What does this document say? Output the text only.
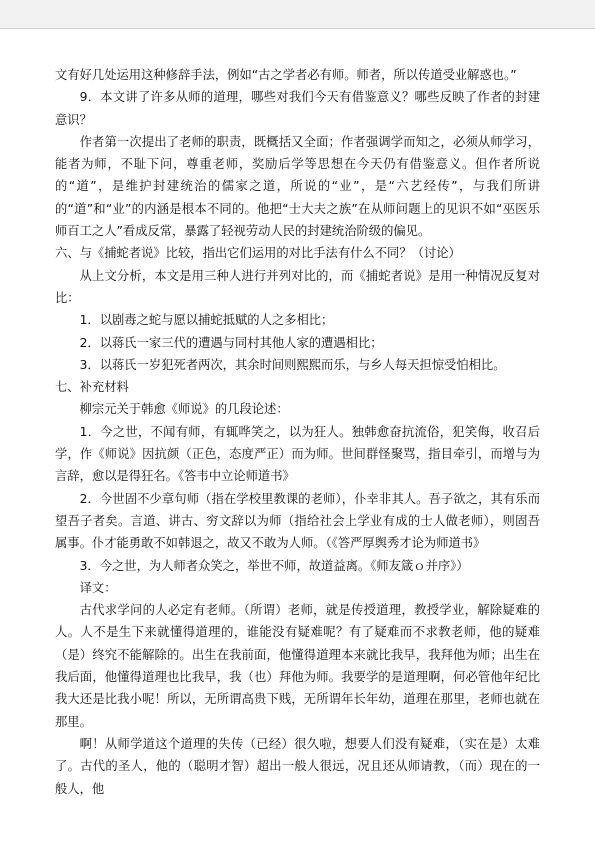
文有好几处运用这种修辞手法，例如“古之学者必有师。师者，所以传道受业解惑也。”

9．本文讲了许多从师的道理，哪些对我们今天有借鉴意义？哪些反映了作者的封建意识？

作者第一次提出了老师的职责，既概括又全面；作者强调学而知之，必须从师学习，能者为师，不耻下问，尊重老师，奖励后学等思想在今天仍有借鉴意义。但作者所说的“道”，是维护封建统治的儒家之道，所说的“业”，是“六艺经传”，与我们所讲的“道”和“业”的内涵是根本不同的。他把“士大夫之族”在从师问题上的见识不如“巫医乐师百工之人”看成反常，暴露了轻视劳动人民的封建统治阶级的偏见。

六、与《捕蛇者说》比较，指出它们运用的对比手法有什么不同？（讨论）

从上文分析，本文是用三种人进行并列对比的，而《捕蛇者说》是用一种情况反复对比：

1．以剧毒之蛇与愿以捕蛇抵赋的人之多相比；

2．以蒋氏一家三代的遭遇与同村其他人家的遭遇相比；

3．以蒋氏一岁犯死者两次，其余时间则熙熙而乐，与乡人每天担惊受怕相比。

七、补充材料

柳宗元关于韩愈《师说》的几段论述：

1．今之世，不闻有师，有辄哗笑之，以为狂人。独韩愈奋抗流俗，犯笑侮，收召后学，作《师说》因抗颜（正色，态度严正）而为师。世间群怪聚骂，指目牵引，而增与为言辞，愈以是得狂名。《答韦中立论师道书》

2．今世固不少章句师（指在学校里教课的老师），仆幸非其人。吾子欲之，其有乐而望吾子者矣。言道、讲古、穷文辞以为师（指给社会上学业有成的士人做老师），则固吾属事。仆才能勇敢不如韩退之，故又不敢为人师。（《答严厚舆秀才论为师道书》

3．今之世，为人师者众笑之，举世不师，故道益离。《师友箴ｏ并序》）

译文：

古代求学问的人必定有老师。（所谓）老师，就是传授道理，教授学业，解除疑难的人。人不是生下来就懂得道理的，谁能没有疑难呢？有了疑难而不求教老师，他的疑难（是）终究不能解除的。出生在我前面，他懂得道理本来就比我早，我拜他为师；出生在我后面，他懂得道理也比我早，我（也）拜他为师。我要学的是道理啊，何必管他年纪比我大还是比我小呢！所以，无所谓高贵下贱，无所谓年长年幼，道理在那里，老师也就在那里。

啊！从师学道这个道理的失传（已经）很久啦，想要人们没有疑难，（实在是）太难了。古代的圣人，他的（聪明才智）超出一般人很远，况且还从师请教，（而）现在的一般人，他
